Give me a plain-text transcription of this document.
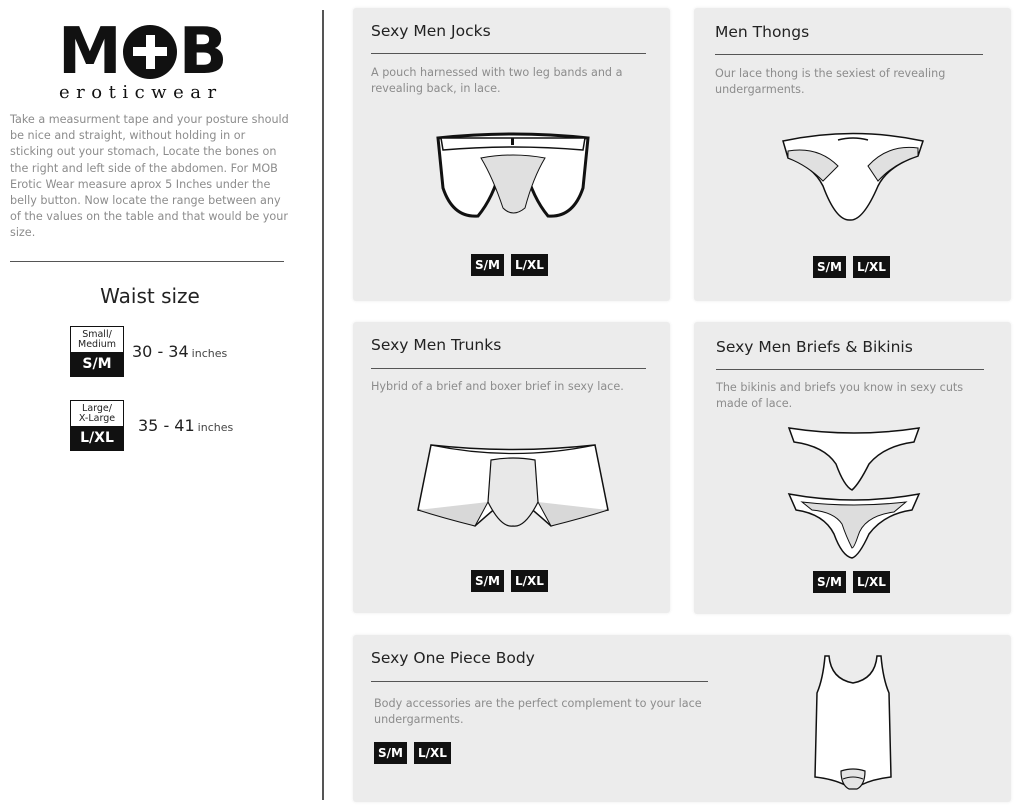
M B
eroticwear

Take a measurment tape and your posture should be nice and straight, without holding in or sticking out your stomach, Locate the bones on the right and left side of the abdomen. For MOB Erotic Wear measure aprox 5 Inches under the belly button. Now locate the range between any of the values on the table and that would be your size.

Waist size
Small/
Medium
S/M
30 - 34 inches
Large/
X-Large
L/XL
35 - 41 inches
Sexy Men Jocks

A pouch harnessed with two leg bands and a revealing back, in lace.

S/M	L/XL
Men Thongs

Our lace thong is the sexiest of revealing undergarments.

S/M	L/XL
Sexy Men Trunks

Hybrid of a brief and boxer brief in sexy lace.

S/M	L/XL
Sexy Men Briefs & Bikinis

The bikinis and briefs you know in sexy cuts made of lace.

S/M	L/XL
Sexy One Piece Body

Body accessories are the perfect complement to your lace undergarments.

S/M	L/XL
